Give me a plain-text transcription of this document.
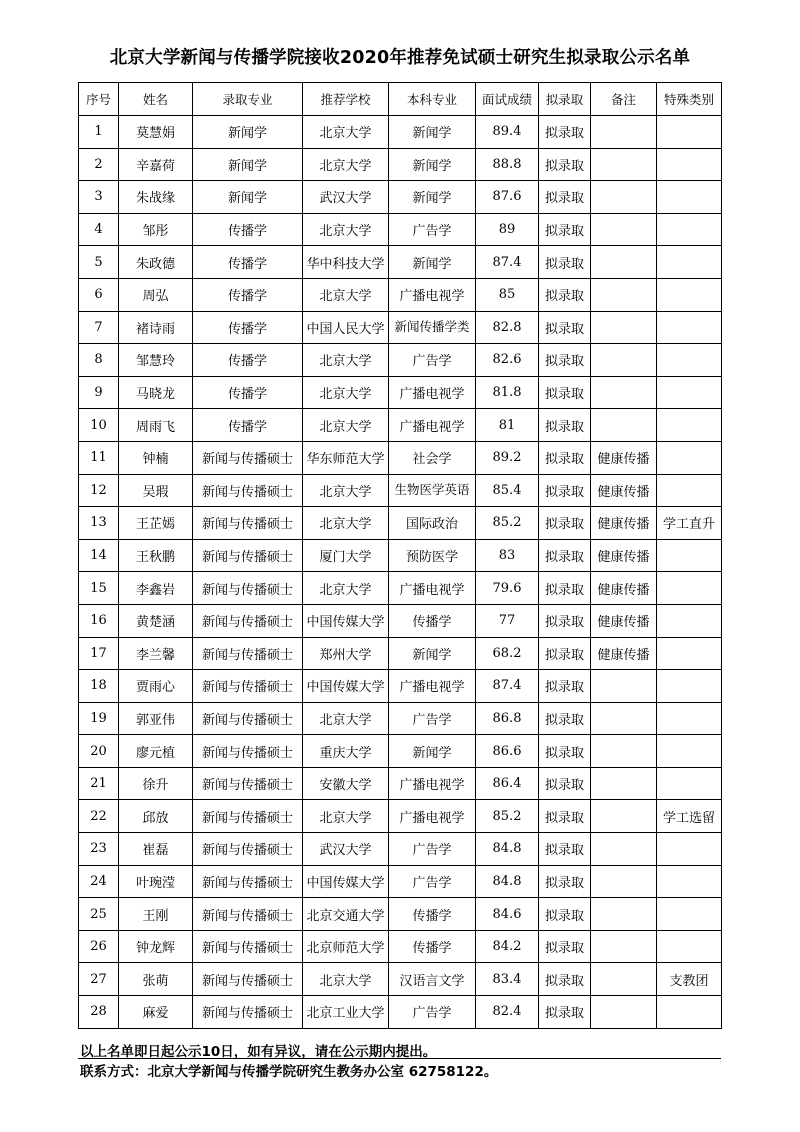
北京大学新闻与传播学院接收2020年推荐免试硕士研究生拟录取公示名单
序号	姓名	录取专业	推荐学校	本科专业	面试成绩	拟录取	备注	特殊类别
1	莫慧娟	新闻学	北京大学	新闻学	89.4	拟录取		
2	辛嘉荷	新闻学	北京大学	新闻学	88.8	拟录取		
3	朱战缘	新闻学	武汉大学	新闻学	87.6	拟录取		
4	邹彤	传播学	北京大学	广告学	89	拟录取		
5	朱政德	传播学	华中科技大学	新闻学	87.4	拟录取		
6	周弘	传播学	北京大学	广播电视学	85	拟录取		
7	褚诗雨	传播学	中国人民大学	新闻传播学类	82.8	拟录取		
8	邹慧玲	传播学	北京大学	广告学	82.6	拟录取		
9	马晓龙	传播学	北京大学	广播电视学	81.8	拟录取		
10	周雨飞	传播学	北京大学	广播电视学	81	拟录取		
11	钟楠	新闻与传播硕士	华东师范大学	社会学	89.2	拟录取	健康传播	
12	吴瑕	新闻与传播硕士	北京大学	生物医学英语	85.4	拟录取	健康传播	
13	王芷嫣	新闻与传播硕士	北京大学	国际政治	85.2	拟录取	健康传播	学工直升
14	王秋鹏	新闻与传播硕士	厦门大学	预防医学	83	拟录取	健康传播	
15	李鑫岩	新闻与传播硕士	北京大学	广播电视学	79.6	拟录取	健康传播	
16	黄楚涵	新闻与传播硕士	中国传媒大学	传播学	77	拟录取	健康传播	
17	李兰馨	新闻与传播硕士	郑州大学	新闻学	68.2	拟录取	健康传播	
18	贾雨心	新闻与传播硕士	中国传媒大学	广播电视学	87.4	拟录取		
19	郭亚伟	新闻与传播硕士	北京大学	广告学	86.8	拟录取		
20	廖元植	新闻与传播硕士	重庆大学	新闻学	86.6	拟录取		
21	徐升	新闻与传播硕士	安徽大学	广播电视学	86.4	拟录取		
22	邱放	新闻与传播硕士	北京大学	广播电视学	85.2	拟录取		学工选留
23	崔磊	新闻与传播硕士	武汉大学	广告学	84.8	拟录取		
24	叶琬滢	新闻与传播硕士	中国传媒大学	广告学	84.8	拟录取		
25	王刚	新闻与传播硕士	北京交通大学	传播学	84.6	拟录取		
26	钟龙辉	新闻与传播硕士	北京师范大学	传播学	84.2	拟录取		
27	张萌	新闻与传播硕士	北京大学	汉语言文学	83.4	拟录取		支教团
28	麻爱	新闻与传播硕士	北京工业大学	广告学	82.4	拟录取		
以上名单即日起公示10日，如有异议，请在公示期内提出。
联系方式：北京大学新闻与传播学院研究生教务办公室 62758122。
